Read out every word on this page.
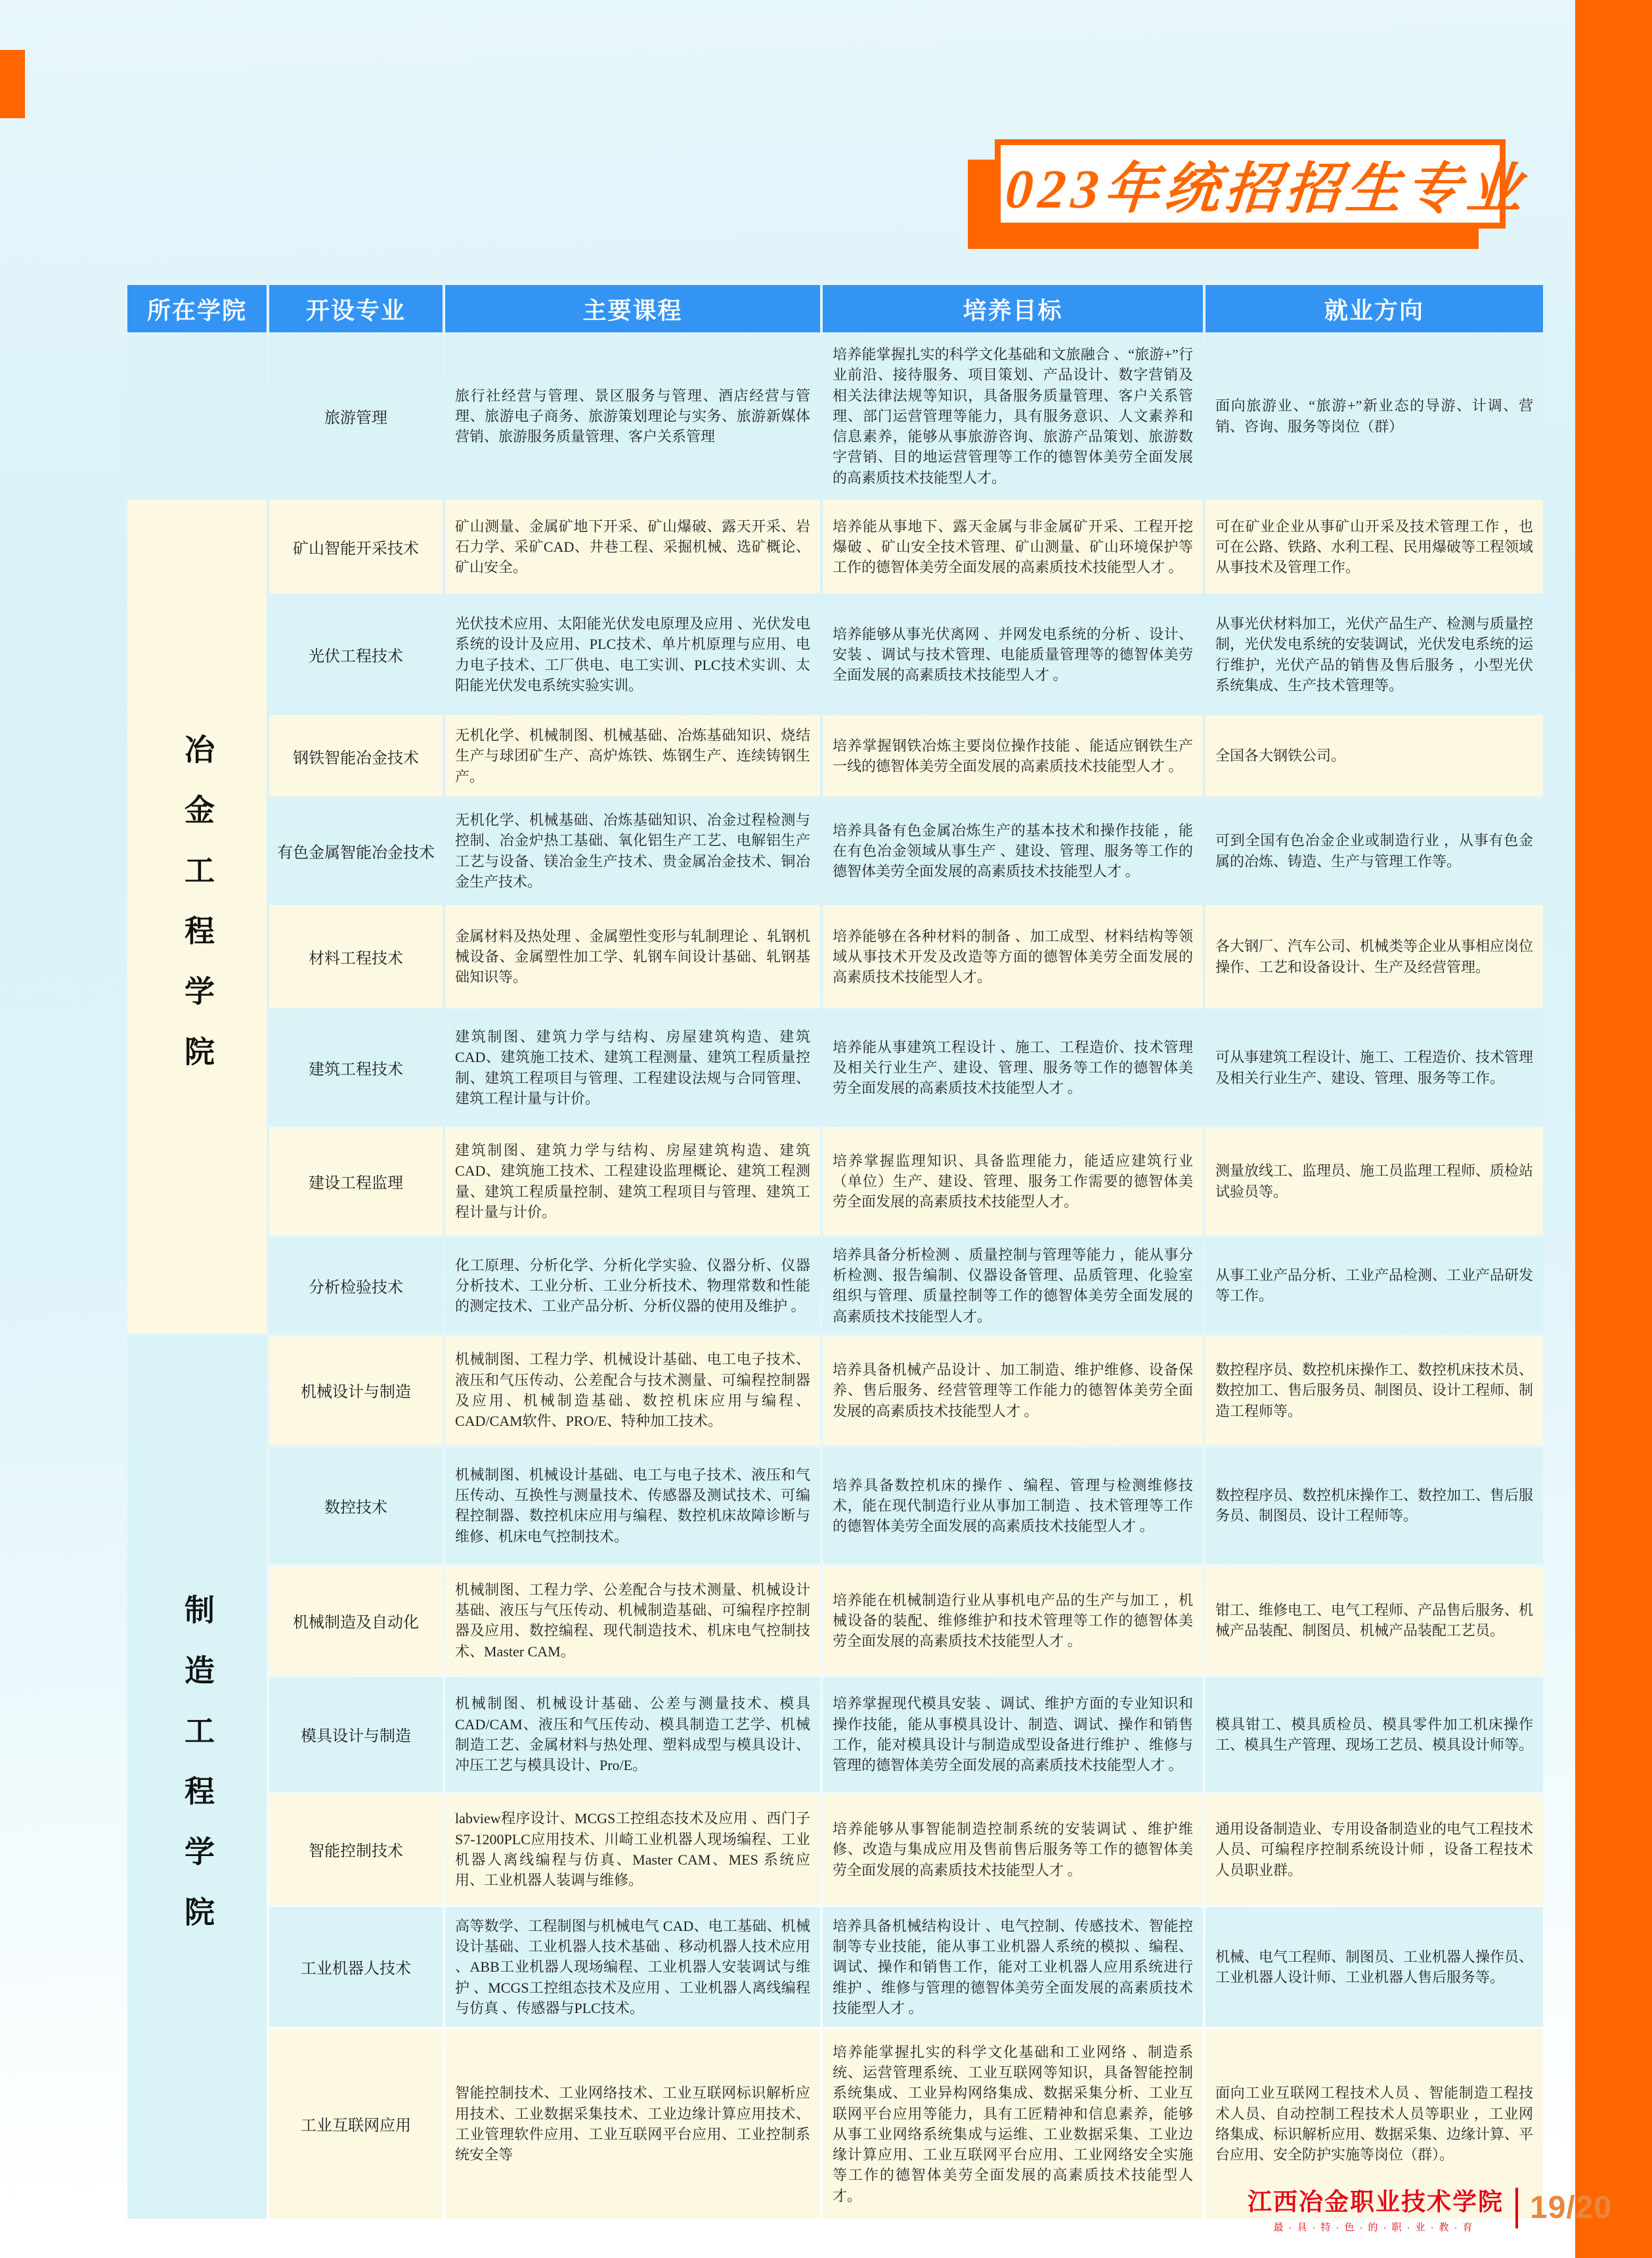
2023年统招招生专业
所在学院	开设专业	主要课程	培养目标	就业方向
	旅游管理	旅行社经营与管理、景区服务与管理、酒店经营与管理、旅游电子商务、旅游策划理论与实务、旅游新媒体营销、旅游服务质量管理、客户关系管理	培养能掌握扎实的科学文化基础和文旅融合 、“旅游+”行业前沿、接待服务、项目策划、产品设计、数字营销及相关法律法规等知识，具备服务质量管理、客户关系管理、部门运营管理等能力，具有服务意识、人文素养和信息素养，能够从事旅游咨询、旅游产品策划、旅游数字营销、目的地运营管理等工作的德智体美劳全面发展的高素质技术技能型人才。	面向旅游业、“旅游+”新业态的导游、计调、营销、咨询、服务等岗位（群）
冶金工程学院	矿山智能开采技术	矿山测量、金属矿地下开采、矿山爆破、露天开采、岩石力学、采矿CAD、井巷工程、采掘机械、选矿概论、矿山安全。	培养能从事地下、露天金属与非金属矿开采、工程开挖爆破 、矿山安全技术管理、矿山测量、矿山环境保护等工作的德智体美劳全面发展的高素质技术技能型人才 。	可在矿业企业从事矿山开采及技术管理工作 ，也可在公路、铁路、水利工程、民用爆破等工程领域从事技术及管理工作。
	光伏工程技术	光伏技术应用、太阳能光伏发电原理及应用 、光伏发电系统的设计及应用、PLC技术、单片机原理与应用、电力电子技术、工厂供电、电工实训、PLC技术实训、太阳能光伏发电系统实验实训。	培养能够从事光伏离网 、并网发电系统的分析 、设计、安装 、调试与技术管理、电能质量管理等的德智体美劳全面发展的高素质技术技能型人才 。	从事光伏材料加工，光伏产品生产、检测与质量控制，光伏发电系统的安装调试，光伏发电系统的运行维护，光伏产品的销售及售后服务 ，小型光伏系统集成、生产技术管理等。
	钢铁智能冶金技术	无机化学、机械制图、机械基础、冶炼基础知识、烧结生产与球团矿生产、高炉炼铁、炼钢生产、连续铸钢生产。	培养掌握钢铁冶炼主要岗位操作技能 、能适应钢铁生产一线的德智体美劳全面发展的高素质技术技能型人才 。	全国各大钢铁公司。
	有色金属智能冶金技术	无机化学、机械基础、冶炼基础知识、冶金过程检测与控制、冶金炉热工基础、氧化铝生产工艺、电解铝生产工艺与设备、镁冶金生产技术、贵金属冶金技术、铜冶金生产技术。	培养具备有色金属冶炼生产的基本技术和操作技能 ，能在有色冶金领域从事生产 、建设、管理、服务等工作的德智体美劳全面发展的高素质技术技能型人才 。	可到全国有色冶金企业或制造行业 ，从事有色金属的冶炼、铸造、生产与管理工作等。
	材料工程技术	金属材料及热处理 、金属塑性变形与轧制理论 、轧钢机械设备、金属塑性加工学、轧钢车间设计基础、轧钢基础知识等。	培养能够在各种材料的制备 、加工成型、材料结构等领域从事技术开发及改造等方面的德智体美劳全面发展的高素质技术技能型人才。	各大钢厂、汽车公司、机械类等企业从事相应岗位操作、工艺和设备设计、生产及经营管理。
	建筑工程技术	建筑制图、建筑力学与结构、房屋建筑构造、建筑CAD、建筑施工技术、建筑工程测量、建筑工程质量控制、建筑工程项目与管理、工程建设法规与合同管理、建筑工程计量与计价。	培养能从事建筑工程设计 、施工、工程造价、技术管理及相关行业生产、建设、管理、服务等工作的德智体美劳全面发展的高素质技术技能型人才 。	可从事建筑工程设计、施工、工程造价、技术管理及相关行业生产、建设、管理、服务等工作。
	建设工程监理	建筑制图、建筑力学与结构、房屋建筑构造、建筑CAD、建筑施工技术、工程建设监理概论、建筑工程测量、建筑工程质量控制、建筑工程项目与管理、建筑工程计量与计价。	培养掌握监理知识、具备监理能力，能适应建筑行业（单位）生产、建设、管理、服务工作需要的德智体美劳全面发展的高素质技术技能型人才。	测量放线工、监理员、施工员监理工程师、质检站试验员等。
	分析检验技术	化工原理、分析化学、分析化学实验、仪器分析、仪器分析技术、工业分析、工业分析技术、物理常数和性能的测定技术、工业产品分析、分析仪器的使用及维护 。	培养具备分析检测 、质量控制与管理等能力 ，能从事分析检测、报告编制、仪器设备管理、品质管理、化验室组织与管理、质量控制等工作的德智体美劳全面发展的高素质技术技能型人才。	从事工业产品分析、工业产品检测、工业产品研发等工作。
制造工程学院	机械设计与制造	机械制图、工程力学、机械设计基础、电工电子技术、液压和气压传动、公差配合与技术测量、可编程控制器及应用、机械制造基础、数控机床应用与编程、CAD/CAM软件、PRO/E、特种加工技术。	培养具备机械产品设计 、加工制造、维护维修、设备保养、售后服务、经营管理等工作能力的德智体美劳全面发展的高素质技术技能型人才 。	数控程序员、数控机床操作工、数控机床技术员、数控加工、售后服务员、制图员、设计工程师、制造工程师等。
	数控技术	机械制图、机械设计基础、电工与电子技术、液压和气压传动、互换性与测量技术、传感器及测试技术、可编程控制器、数控机床应用与编程、数控机床故障诊断与维修、机床电气控制技术。	培养具备数控机床的操作 、编程、管理与检测维修技术，能在现代制造行业从事加工制造 、技术管理等工作的德智体美劳全面发展的高素质技术技能型人才 。	数控程序员、数控机床操作工、数控加工、售后服务员、制图员、设计工程师等。
	机械制造及自动化	机械制图、工程力学、公差配合与技术测量、机械设计基础、液压与气压传动、机械制造基础、可编程序控制器及应用、数控编程、现代制造技术、机床电气控制技术、Master CAM。	培养能在机械制造行业从事机电产品的生产与加工 ，机械设备的装配、维修维护和技术管理等工作的德智体美劳全面发展的高素质技术技能型人才 。	钳工、维修电工、电气工程师、产品售后服务、机械产品装配、制图员、机械产品装配工艺员。
	模具设计与制造	机械制图、机械设计基础、公差与测量技术、模具CAD/CAM、液压和气压传动、模具制造工艺学、机械制造工艺、金属材料与热处理、塑料成型与模具设计、冲压工艺与模具设计、Pro/E。	培养掌握现代模具安装 、调试、维护方面的专业知识和操作技能，能从事模具设计、制造、调试、操作和销售工作，能对模具设计与制造成型设备进行维护 、维修与管理的德智体美劳全面发展的高素质技术技能型人才 。	模具钳工、模具质检员、模具零件加工机床操作工、模具生产管理、现场工艺员、模具设计师等。
	智能控制技术	labview程序设计、MCGS工控组态技术及应用 、西门子S7-1200PLC应用技术、川崎工业机器人现场编程、工业机器人离线编程与仿真、Master CAM、MES 系统应用、工业机器人装调与维修。	培养能够从事智能制造控制系统的安装调试 、维护维修、改造与集成应用及售前售后服务等工作的德智体美劳全面发展的高素质技术技能型人才 。	通用设备制造业、专用设备制造业的电气工程技术人员、可编程序控制系统设计师 ，设备工程技术人员职业群。
	工业机器人技术	高等数学、工程制图与机械电气 CAD、电工基础、机械设计基础、工业机器人技术基础 、移动机器人技术应用 、ABB工业机器人现场编程、工业机器人安装调试与维护 、MCGS工控组态技术及应用 、工业机器人离线编程与仿真 、传感器与PLC技术。	培养具备机械结构设计 、电气控制、传感技术、智能控制等专业技能，能从事工业机器人系统的模拟 、编程、调试、操作和销售工作，能对工业机器人应用系统进行维护 、维修与管理的德智体美劳全面发展的高素质技术技能型人才 。	机械、电气工程师、制图员、工业机器人操作员、工业机器人设计师、工业机器人售后服务等。
	工业互联网应用	智能控制技术、工业网络技术、工业互联网标识解析应用技术、工业数据采集技术、工业边缘计算应用技术、工业管理软件应用、工业互联网平台应用、工业控制系统安全等	培养能掌握扎实的科学文化基础和工业网络 、制造系统、运营管理系统、工业互联网等知识，具备智能控制系统集成、工业异构网络集成、数据采集分析、工业互联网平台应用等能力，具有工匠精神和信息素养，能够从事工业网络系统集成与运维、工业数据采集、工业边缘计算应用、工业互联网平台应用、工业网络安全实施等工作的德智体美劳全面发展的高素质技术技能型人才。	面向工业互联网工程技术人员 、智能制造工程技术人员、自动控制工程技术人员等职业 ，工业网络集成、标识解析应用、数据采集、边缘计算、平台应用、安全防护实施等岗位（群）。
江西冶金职业技术学院
最·具·特·色·的·职·业·教·育
19/20
